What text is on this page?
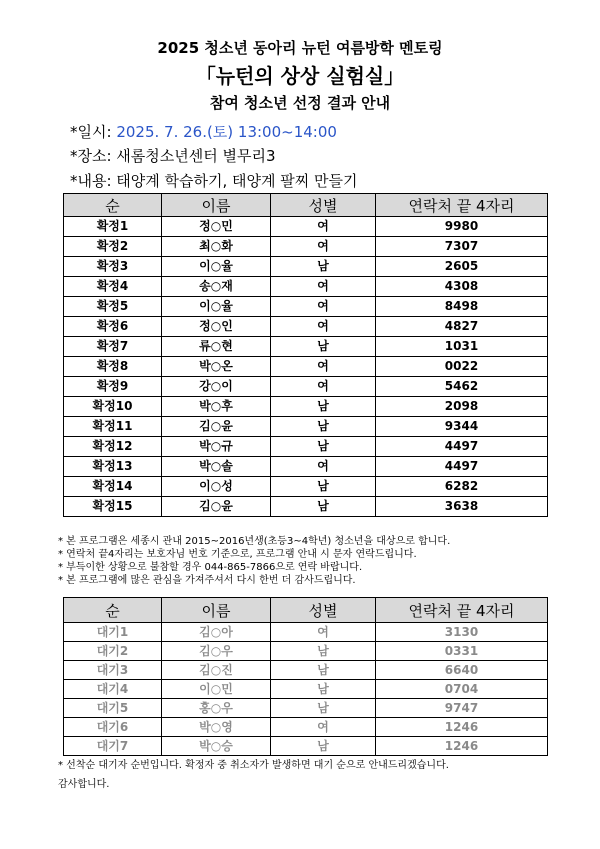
2025 청소년 동아리 뉴턴 여름방학 멘토링
「뉴턴의 상상 실험실」
참여 청소년 선정 결과 안내
*일시: 2025. 7. 26.(토) 13:00~14:00
*장소: 새롬청소년센터 별무리3
*내용: 태양계 학습하기, 태양계 팔찌 만들기
순	이름	성별	연락처 끝 4자리
확정1	정○민	여	9980
확정2	최○화	여	7307
확정3	이○율	남	2605
확정4	송○재	여	4308
확정5	이○율	여	8498
확정6	정○인	여	4827
확정7	류○현	남	1031
확정8	박○온	여	0022
확정9	강○이	여	5462
확정10	박○후	남	2098
확정11	김○윤	남	9344
확정12	박○규	남	4497
확정13	박○솔	여	4497
확정14	이○성	남	6282
확정15	김○윤	남	3638
* 본 프로그램은 세종시 관내 2015~2016년생(초등3~4학년) 청소년을 대상으로 합니다.
* 연락처 끝4자리는 보호자님 번호 기준으로, 프로그램 안내 시 문자 연락드립니다.
* 부득이한 상황으로 불참할 경우 044-865-7866으로 연락 바랍니다.
* 본 프로그램에 많은 관심을 가져주셔서 다시 한번 더 감사드립니다.
순	이름	성별	연락처 끝 4자리
대기1	김○아	여	3130
대기2	김○우	남	0331
대기3	김○진	남	6640
대기4	이○민	남	0704
대기5	홍○우	남	9747
대기6	박○영	여	1246
대기7	박○승	남	1246
* 선착순 대기자 순번입니다. 확정자 중 취소자가 발생하면 대기 순으로 안내드리겠습니다.
감사합니다.
